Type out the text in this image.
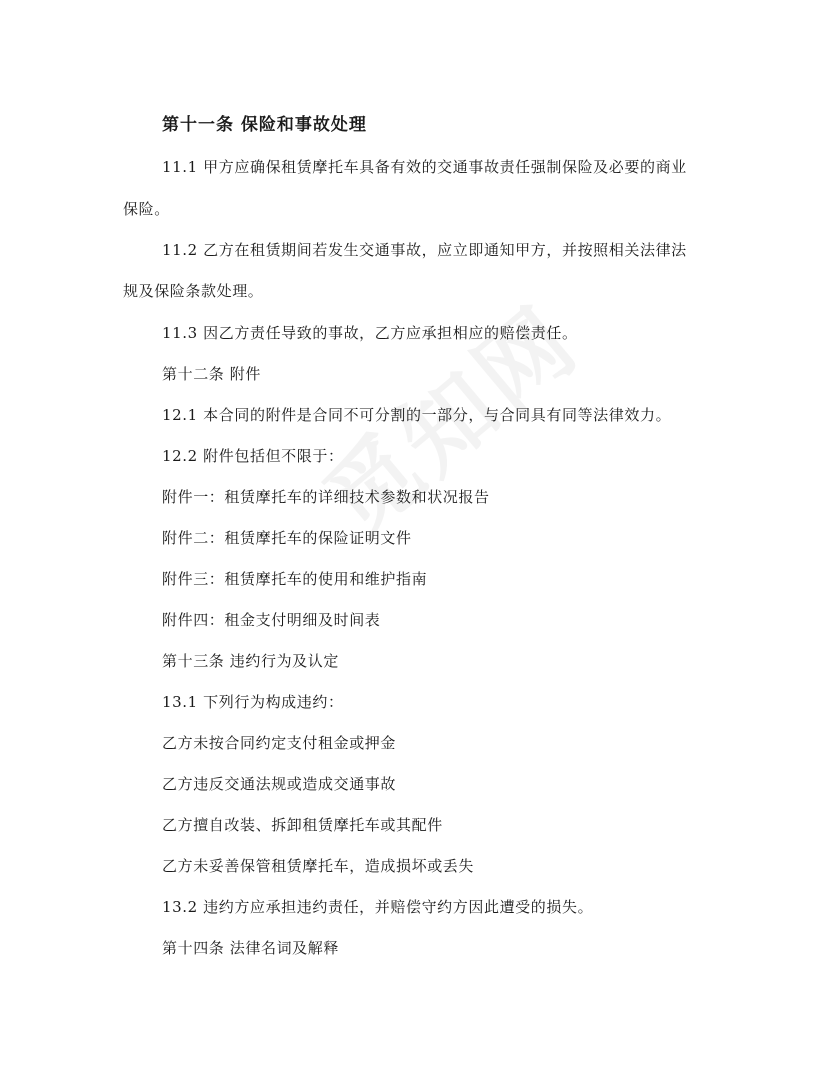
第十一条 保险和事故处理
11.1 甲方应确保租赁摩托车具备有效的交通事故责任强制保险及必要的商业
保险。
11.2 乙方在租赁期间若发生交通事故，应立即通知甲方，并按照相关法律法
规及保险条款处理。
11.3 因乙方责任导致的事故，乙方应承担相应的赔偿责任。
第十二条 附件
12.1 本合同的附件是合同不可分割的一部分，与合同具有同等法律效力。
12.2 附件包括但不限于：
附件一：租赁摩托车的详细技术参数和状况报告
附件二：租赁摩托车的保险证明文件
附件三：租赁摩托车的使用和维护指南
附件四：租金支付明细及时间表
第十三条 违约行为及认定
13.1 下列行为构成违约：
乙方未按合同约定支付租金或押金
乙方违反交通法规或造成交通事故
乙方擅自改装、拆卸租赁摩托车或其配件
乙方未妥善保管租赁摩托车，造成损坏或丢失
13.2 违约方应承担违约责任，并赔偿守约方因此遭受的损失。
第十四条 法律名词及解释
